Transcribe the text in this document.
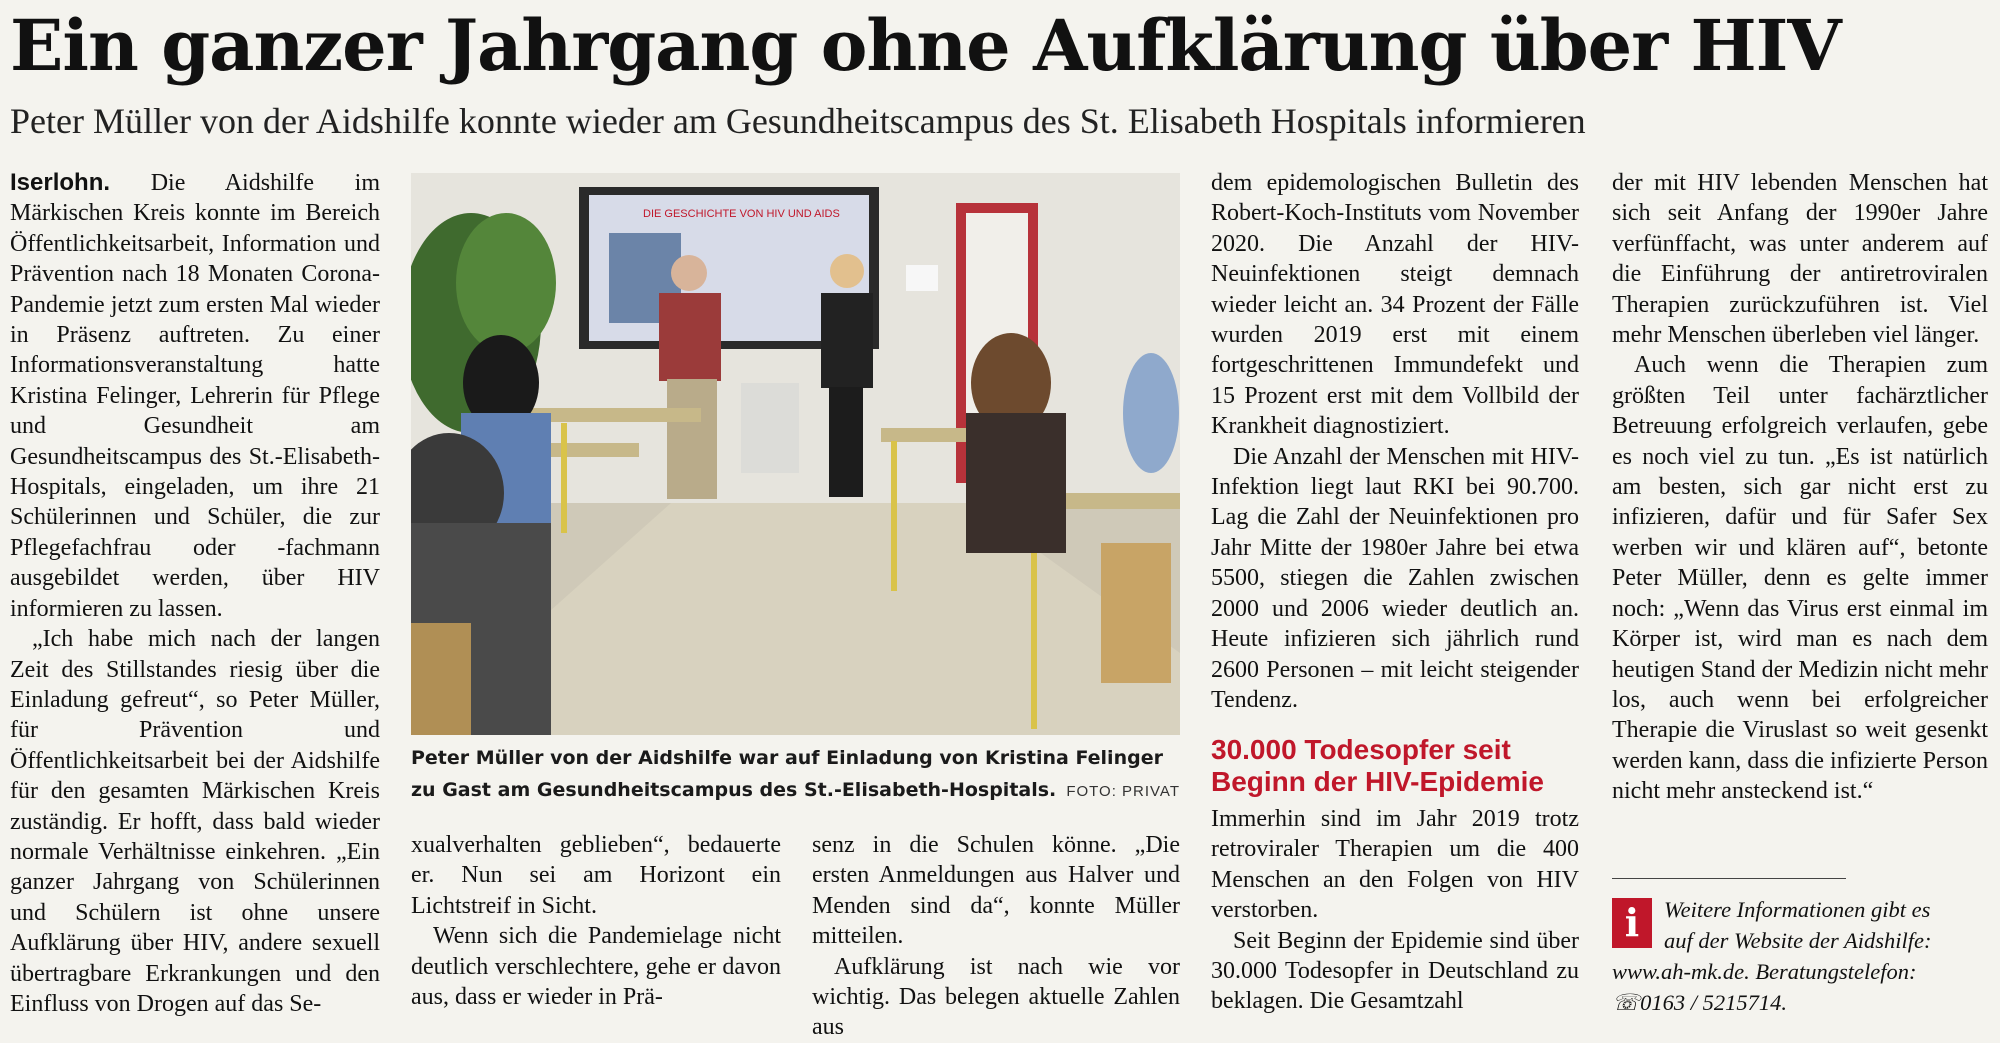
Ein ganzer Jahrgang ohne Aufklärung über HIV
Peter Müller von der Aidshilfe konnte wieder am Gesundheitscampus des St. Elisabeth Hospitals informieren

Iserlohn. Die Aidshilfe im Märkischen Kreis konnte im Bereich Öffentlichkeitsarbeit, Information und Prävention nach 18 Monaten Corona-Pandemie jetzt zum ersten Mal wieder in Präsenz auftreten. Zu einer Informationsveranstaltung hatte Kristina Felinger, Lehrerin für Pflege und Gesundheit am Gesundheitscampus des St.-Elisabeth-Hospitals, eingeladen, um ihre 21 Schülerinnen und Schüler, die zur Pflegefachfrau oder -fachmann ausgebildet werden, über HIV informieren zu lassen.

„Ich habe mich nach der langen Zeit des Stillstandes riesig über die Einladung gefreut“, so Peter Müller, für Prävention und Öffentlichkeitsarbeit bei der Aidshilfe für den gesamten Märkischen Kreis zuständig. Er hofft, dass bald wieder normale Verhältnisse einkehren. „Ein ganzer Jahrgang von Schülerinnen und Schülern ist ohne unsere Aufklärung über HIV, andere sexuell übertragbare Erkrankungen und den Einfluss von Drogen auf das Se-

DIE GESCHICHTE VON HIV UND AIDS
Peter Müller von der Aidshilfe war auf Einladung von Kristina Felinger zu Gast am Gesundheitscampus des St.-Elisabeth-Hospitals. FOTO: PRIVAT

xualverhalten geblieben“, bedauerte er. Nun sei am Horizont ein Lichtstreif in Sicht.

Wenn sich die Pandemielage nicht deutlich verschlechtere, gehe er davon aus, dass er wieder in Prä-

senz in die Schulen könne. „Die ersten Anmeldungen aus Halver und Menden sind da“, konnte Müller mitteilen.

Aufklärung ist nach wie vor wichtig. Das belegen aktuelle Zahlen aus

dem epidemologischen Bulletin des Robert-Koch-Instituts vom November 2020. Die Anzahl der HIV- Neuinfektionen steigt demnach wieder leicht an. 34 Prozent der Fälle wurden 2019 erst mit einem fortgeschrittenen Immundefekt und 15 Prozent erst mit dem Vollbild der Krankheit diagnostiziert.

Die Anzahl der Menschen mit HIV-Infektion liegt laut RKI bei 90.700. Lag die Zahl der Neuinfektionen pro Jahr Mitte der 1980er Jahre bei etwa 5500, stiegen die Zahlen zwischen 2000 und 2006 wieder deutlich an. Heute infizieren sich jährlich rund 2600 Personen – mit leicht steigender Tendenz.

30.000 Todesopfer seit Beginn der HIV-Epidemie

Immerhin sind im Jahr 2019 trotz retroviraler Therapien um die 400 Menschen an den Folgen von HIV verstorben.

Seit Beginn der Epidemie sind über 30.000 Todesopfer in Deutschland zu beklagen. Die Gesamtzahl

der mit HIV lebenden Menschen hat sich seit Anfang der 1990er Jahre verfünffacht, was unter anderem auf die Einführung der antiretroviralen Therapien zurückzuführen ist. Viel mehr Menschen überleben viel länger.

Auch wenn die Therapien zum größten Teil unter fachärztlicher Betreuung erfolgreich verlaufen, gebe es noch viel zu tun. „Es ist natürlich am besten, sich gar nicht erst zu infizieren, dafür und für Safer Sex werben wir und klären auf“, betonte Peter Müller, denn es gelte immer noch: „Wenn das Virus erst einmal im Körper ist, wird man es nach dem heutigen Stand der Medizin nicht mehr los, auch wenn bei erfolgreicher Therapie die Viruslast so weit gesenkt werden kann, dass die infizierte Person nicht mehr ansteckend ist.“

i	Weitere Informationen gibt es
auf der Website der Aidshilfe:
www.ah-mk.de. Beratungstelefon:
☏0163 / 5215714.
